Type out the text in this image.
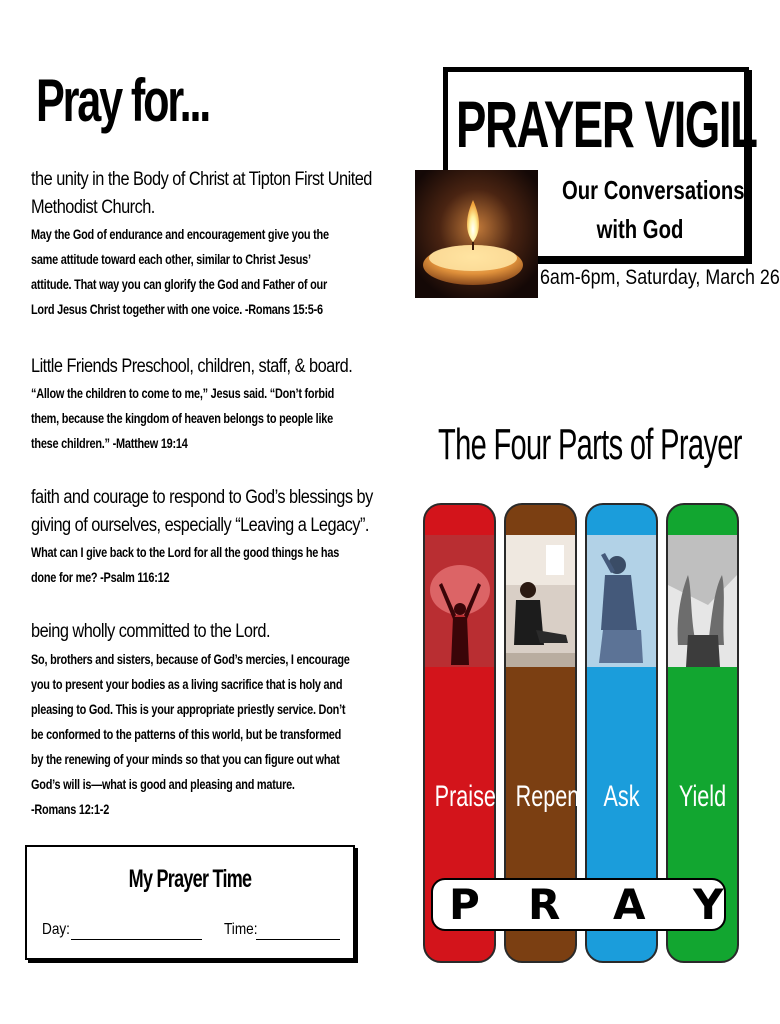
Pray for...
the unity in the Body of Christ at Tipton First United
Methodist Church.
May the God of endurance and encouragement give you the
same attitude toward each other, similar to Christ Jesus’
attitude. That way you can glorify the God and Father of our
Lord Jesus Christ together with one voice. -Romans 15:5-6
Little Friends Preschool, children, staff, & board.
“Allow the children to come to me,” Jesus said. “Don’t forbid
them, because the kingdom of heaven belongs to people like
these children.” -Matthew 19:14
faith and courage to respond to God’s blessings by
giving of ourselves, especially “Leaving a Legacy”.
What can I give back to the Lord for all the good things he has
done for me? -Psalm 116:12
being wholly committed to the Lord.
So, brothers and sisters, because of God’s mercies, I encourage
you to present your bodies as a living sacrifice that is holy and
pleasing to God. This is your appropriate priestly service. Don’t
be conformed to the patterns of this world, but be transformed
by the renewing of your minds so that you can figure out what
God’s will is—what is good and pleasing and mature.
-Romans 12:1-2
My Prayer Time
Day:	Time:
PRAYER VIGIL
Our Conversations
with God
6am-6pm, Saturday, March 26
The Four Parts of Prayer
Praise Repent Ask Yield
P R A Y
